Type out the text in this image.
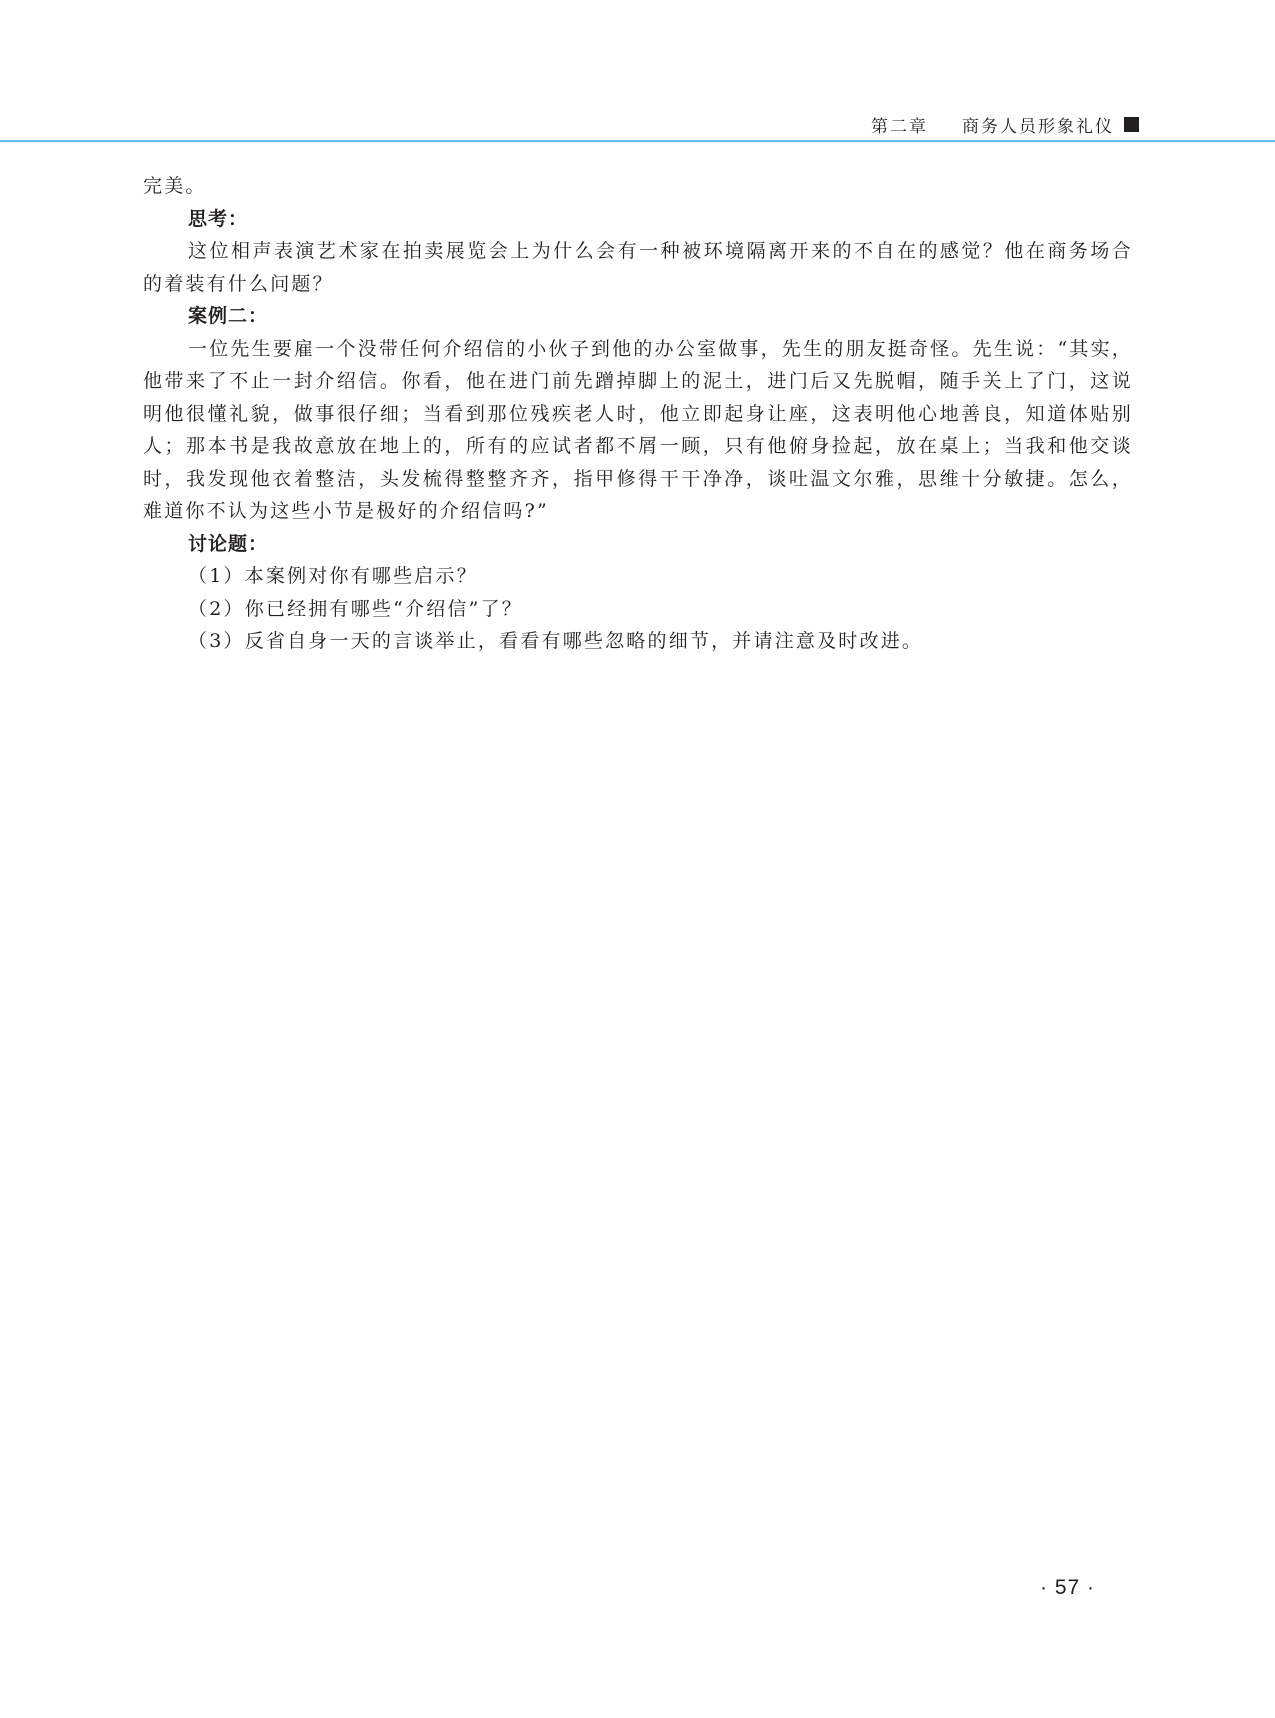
第二章 商务人员形象礼仪

完美。

思考：

这位相声表演艺术家在拍卖展览会上为什么会有一种被环境隔离开来的不自在的感觉？他在商务场合的着装有什么问题？

案例二：

一位先生要雇一个没带任何介绍信的小伙子到他的办公室做事，先生的朋友挺奇怪。先生说：“其实，他带来了不止一封介绍信。你看，他在进门前先蹭掉脚上的泥土，进门后又先脱帽，随手关上了门，这说明他很懂礼貌，做事很仔细；当看到那位残疾老人时，他立即起身让座，这表明他心地善良，知道体贴别人；那本书是我故意放在地上的，所有的应试者都不屑一顾，只有他俯身捡起，放在桌上；当我和他交谈时，我发现他衣着整洁，头发梳得整整齐齐，指甲修得干干净净，谈吐温文尔雅，思维十分敏捷。怎么，难道你不认为这些小节是极好的介绍信吗?”

讨论题：

（1）本案例对你有哪些启示？

（2）你已经拥有哪些“介绍信”了？

（3）反省自身一天的言谈举止，看看有哪些忽略的细节，并请注意及时改进。

· 57 ·
